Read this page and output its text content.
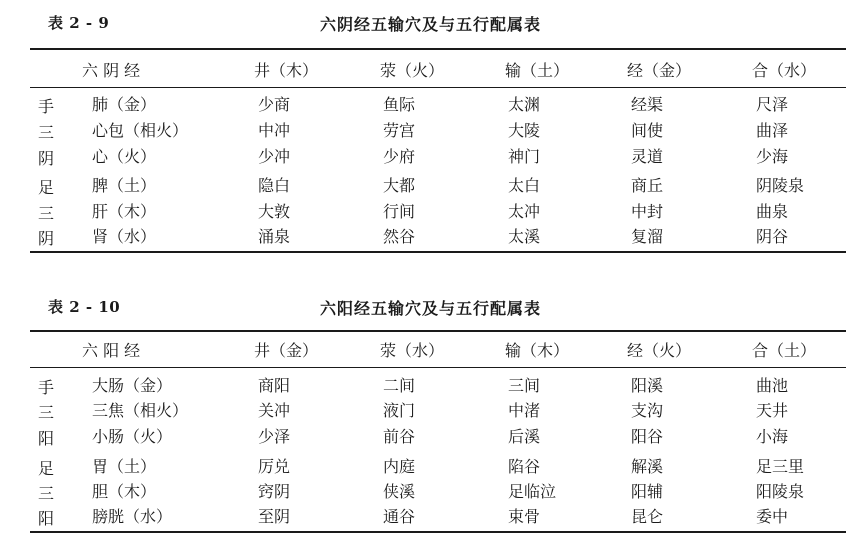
表 2 - 9	六阴经五输穴及与五行配属表
六 阴 经	井（木）	荥（火）	输（土）	经（金）	合（水）
手
三
阴
足
三
阴
肺（金）	少商	鱼际	太渊	经渠	尺泽
心包（相火）	中冲	劳宫	大陵	间使	曲泽
心（火）	少冲	少府	神门	灵道	少海
脾（土）	隐白	大都	太白	商丘	阴陵泉
肝（木）	大敦	行间	太冲	中封	曲泉
肾（水）	涌泉	然谷	太溪	复溜	阴谷
表 2 - 10	六阳经五输穴及与五行配属表
六 阳 经	井（金）	荥（水）	输（木）	经（火）	合（土）
手
三
阳
足
三
阳
大肠（金）	商阳	二间	三间	阳溪	曲池
三焦（相火）	关冲	液门	中渚	支沟	天井
小肠（火）	少泽	前谷	后溪	阳谷	小海
胃（土）	厉兑	内庭	陷谷	解溪	足三里
胆（木）	窍阴	侠溪	足临泣	阳辅	阳陵泉
膀胱（水）	至阴	通谷	束骨	昆仑	委中
